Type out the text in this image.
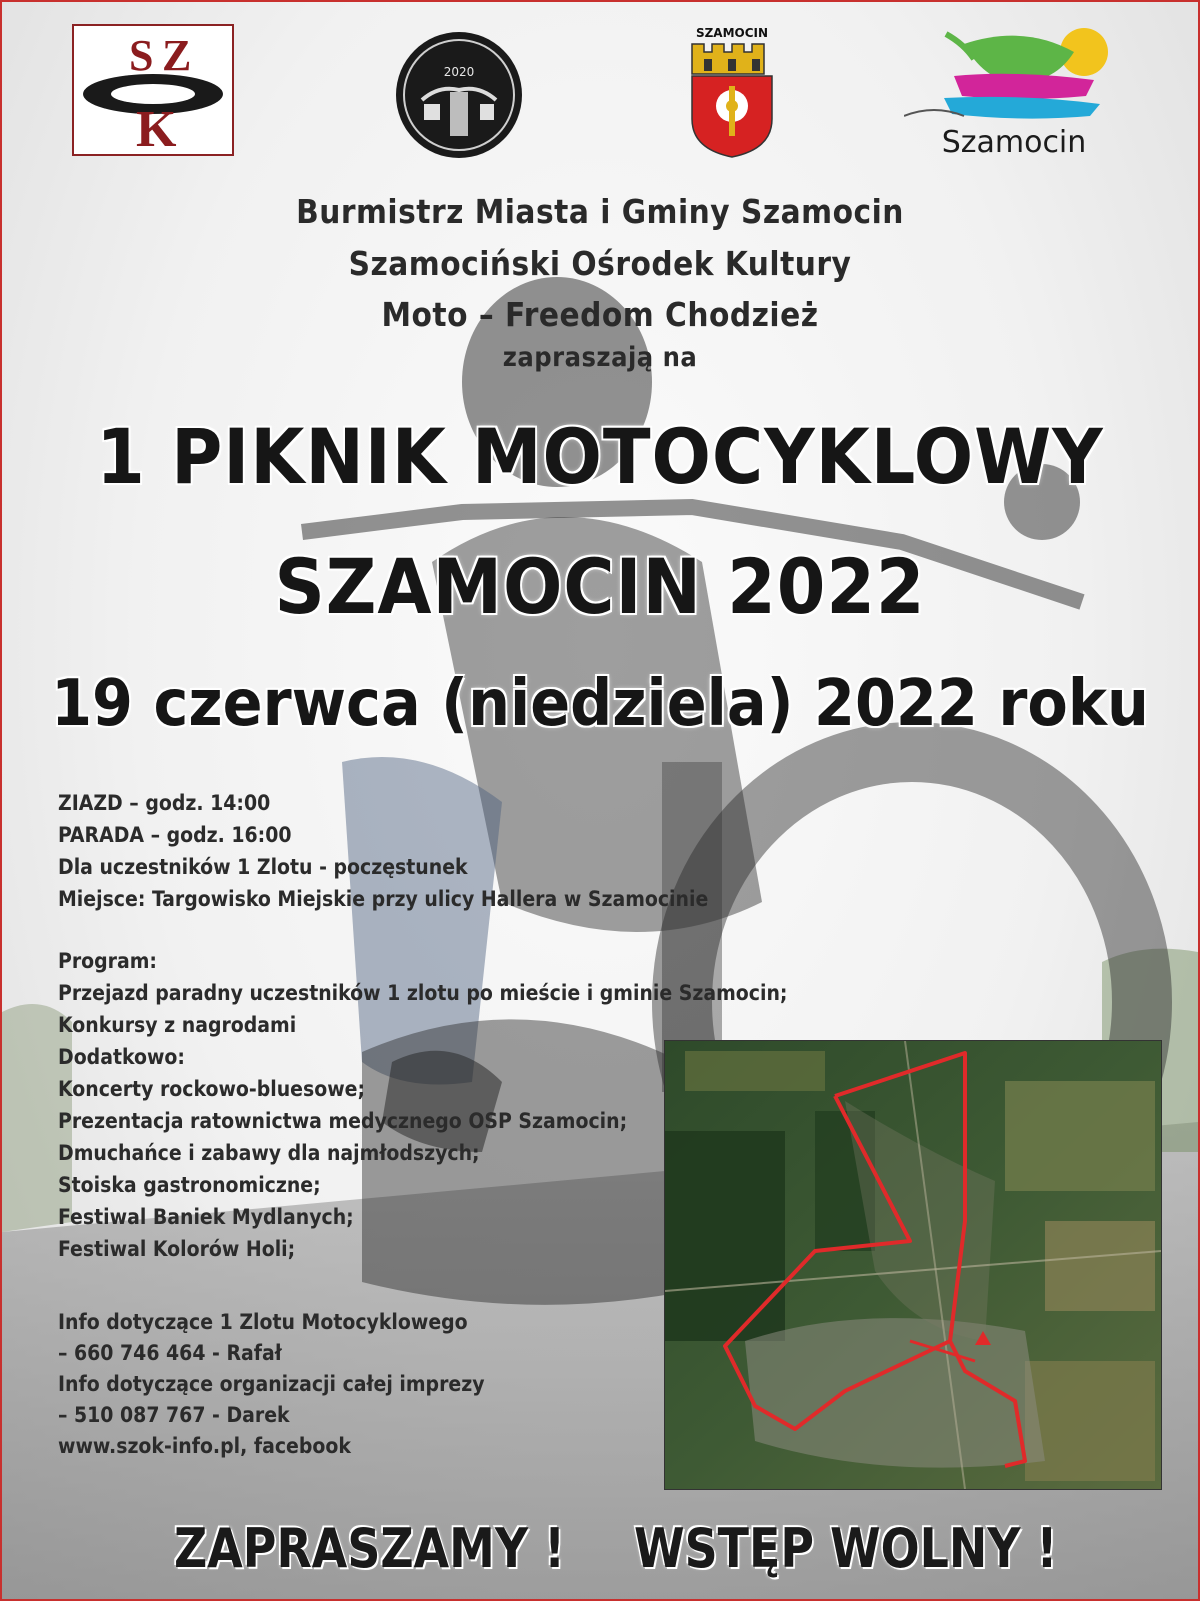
S Z
K
O
2020
SZAMOCIN
Szamocin
Burmistrz Miasta i Gminy Szamocin
Szamociński Ośrodek Kultury
Moto – Freedom Chodzież
zapraszają na
1 PIKNIK MOTOCYKLOWY
SZAMOCIN 2022
19 czerwca (niedziela) 2022 roku
ZIAZD – godz. 14:00
PARADA – godz. 16:00
Dla uczestników 1 Zlotu - poczęstunek
Miejsce: Targowisko Miejskie przy ulicy Hallera w Szamocinie
Program:
Przejazd paradny uczestników 1 zlotu po mieście i gminie Szamocin;
Konkursy z nagrodami
Dodatkowo:
Koncerty rockowo-bluesowe;
Prezentacja ratownictwa medycznego OSP Szamocin;
Dmuchańce i zabawy dla najmłodszych;
Stoiska gastronomiczne;
Festiwal Baniek Mydlanych;
Festiwal Kolorów Holi;
Info dotyczące 1 Zlotu Motocyklowego
– 660 746 464 - Rafał
Info dotyczące organizacji całej imprezy
– 510 087 767 - Darek
www.szok-info.pl, facebook
ZAPRASZAMY ! WSTĘP WOLNY !
